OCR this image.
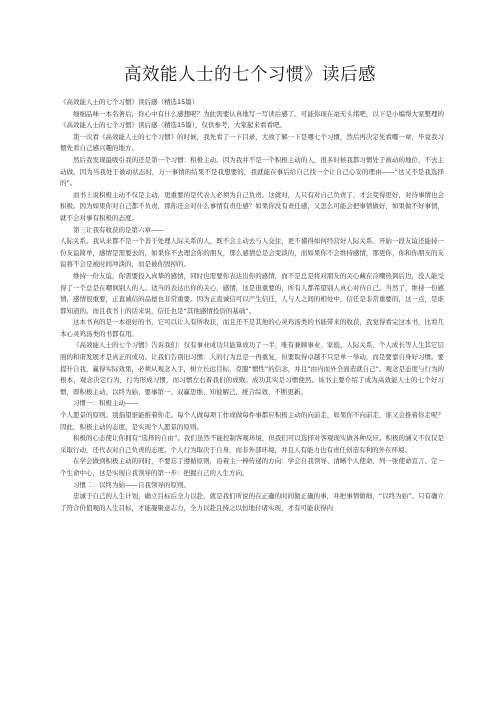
高效能人士的七个习惯》读后感

《高效能人士的七个习惯》读后感（精选15篇）

细细品味一本名著后，你心中有什么感想呢？为此需要认真地写一写读后感了。可能你现在毫无头绪吧，以下是小编帮大家整理的《高效能人士的七个习惯》读后感（精选15篇），仅供参考，大家起来看看吧。

第一次看《高效能人士的七个习惯》的时候，我先看了一下目录，大致了解一下是哪七个习惯，然后再决定先看哪一章，毕竟我习惯先看自己感兴趣的地方。

然后我发现最吸引我的还是第一个习惯：积极主动。因为我并不是一个积极主动的人，很多时候我都习惯处于被动的地位，不去主动做，因为当我处于被动状态时，万一事情的结果不是我想要的，我就能在事后给自己找一个让自己心安的理由——“这又不是我选择的”。

而书上说积极主动不仅是主动，更重要的是代表人必须为自己负责。这就对，人只有对自己负责了，才会变得更好，对待事情也会积极。因为如果你对自己都不负责，那你还会对什么事情有责任感？如果你没有责任感，又怎么可能会把事情做好，如果做不好事情，就不会对事有积极的态度。

第三让我有收获的是第六章——

人际关系。我从来都不是一个善于处理人际关系的人，既不会主动去与人交往，更不懂得如何经营好人际关系。开始一段友谊还能持一份友谊简单，感情是需要去的，如果你不去理会你的朋友，那么感情总是会变淡的，而如果你不会维持感情，那更你，你和你朋友的友谊将不会是被时间冲淡的，而是被你毁掉的。

维持一份友谊，你需要投入真挚的感情，同时也需要你表达出你的感情，而不是总是将对朋友的关心藏在冷嘲热讽后边，没人能受得了一个总是在嘲讽别人的人。适当的表达出你的关心，感情，这是很重要的，所有人都希望别人真心对待自己。当然了，维持一份感情，感情很重要，正直诚信的品德也非常重要。因为正直诚信可以产生信任，人与人之间的相处中，信任是非常重要的，这一点，是谁都知道的。而且我书上的话来说，信任也是“其他感情投资的基础”。

这本书真的是一本很好的书，它可以让人有所收获，而且还不是其他的心灵鸡汤类的书能带来的收获，我觉得看完这本书，比看几本心灵鸡汤类的书都有用。

《高效能人士的七个习惯》告诉我们：仅有事业成功只能算成功了一半，唯有兼顾事业、家庭、人际关系、个人成长等人生其它层面的和谐发展才是真正的成功。让我们告别旧习惯：人的行为总是一再重复，但要取得卓越不只是单一举动，而是要靠自身好习惯。要提升自我，赢得实际效果，必须从观念入手，树立长远目标，克服“惯性”的信念，并且“由内而外全面造就自己”。观念是态度与行为的根本，观念决定行为，行为形成习惯，而习惯左右着我们的成败。成功其实是习惯使然。该书主要介绍了成为高效能人士的七个好习惯，即积极主动、以终为始、要事第一、双赢思维、知彼解己、统合综效、不断更新。

习惯一：积极主动——

个人愿景的原则。别指望谁能推着你走。每个人做每项工作或做每件事都应积极主动的向前走，如果你不向前走，谁又会推着你走呢？因此，积极主动的态度，是实现个人愿景的原则。

积极的心态使让你拥有“选择的自由”。我们虽然不能控制客观环境，但我们可以选择对客观现实做各种反应。积极的涵义不仅仅是采取行动，还代表对自己负责的态度。个人行为取决于自身，而非外部环境，并且人有能力也有责任创造有利的外在环境。

在学会做到积极主动的同时，不要忘了遵循原则，沿着主一棒传递的方向：学会自我领导、清晰个人使命、列一张使命宣言、定一个生命中心，这是实现自我领导的第一步：把握自己的人生方向。

习惯二：以终为始——自我领导的原则。

忠诚于自己的人生计划，确立目标后全力以赴，就是我们所说的在正确的时间做正确的事，并把事情做细，“以终为始”。只有确立了符合价值观的人生目标，才能凝聚意志力，全力以赴且持之以恒地付诸实现，才有可能获得内
